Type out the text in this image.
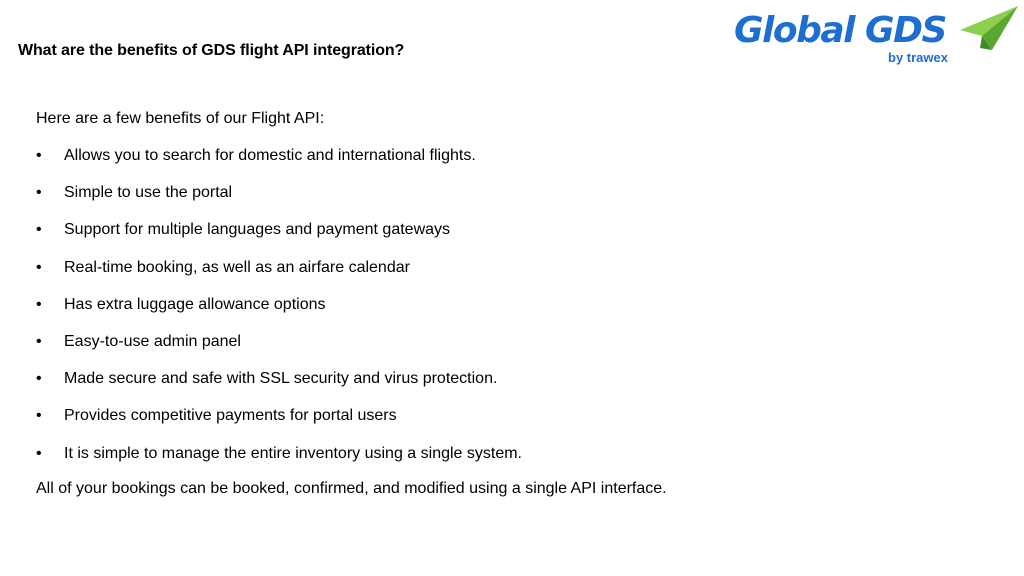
What are the benefits of GDS flight API integration?	Global GDS
by trawex
Here are a few benefits of our Flight API:
• Allows you to search for domestic and international flights.
• Simple to use the portal
• Support for multiple languages and payment gateways
• Real-time booking, as well as an airfare calendar
• Has extra luggage allowance options
• Easy-to-use admin panel
• Made secure and safe with SSL security and virus protection.
• Provides competitive payments for portal users
• It is simple to manage the entire inventory using a single system.
All of your bookings can be booked, confirmed, and modified using a single API interface.
